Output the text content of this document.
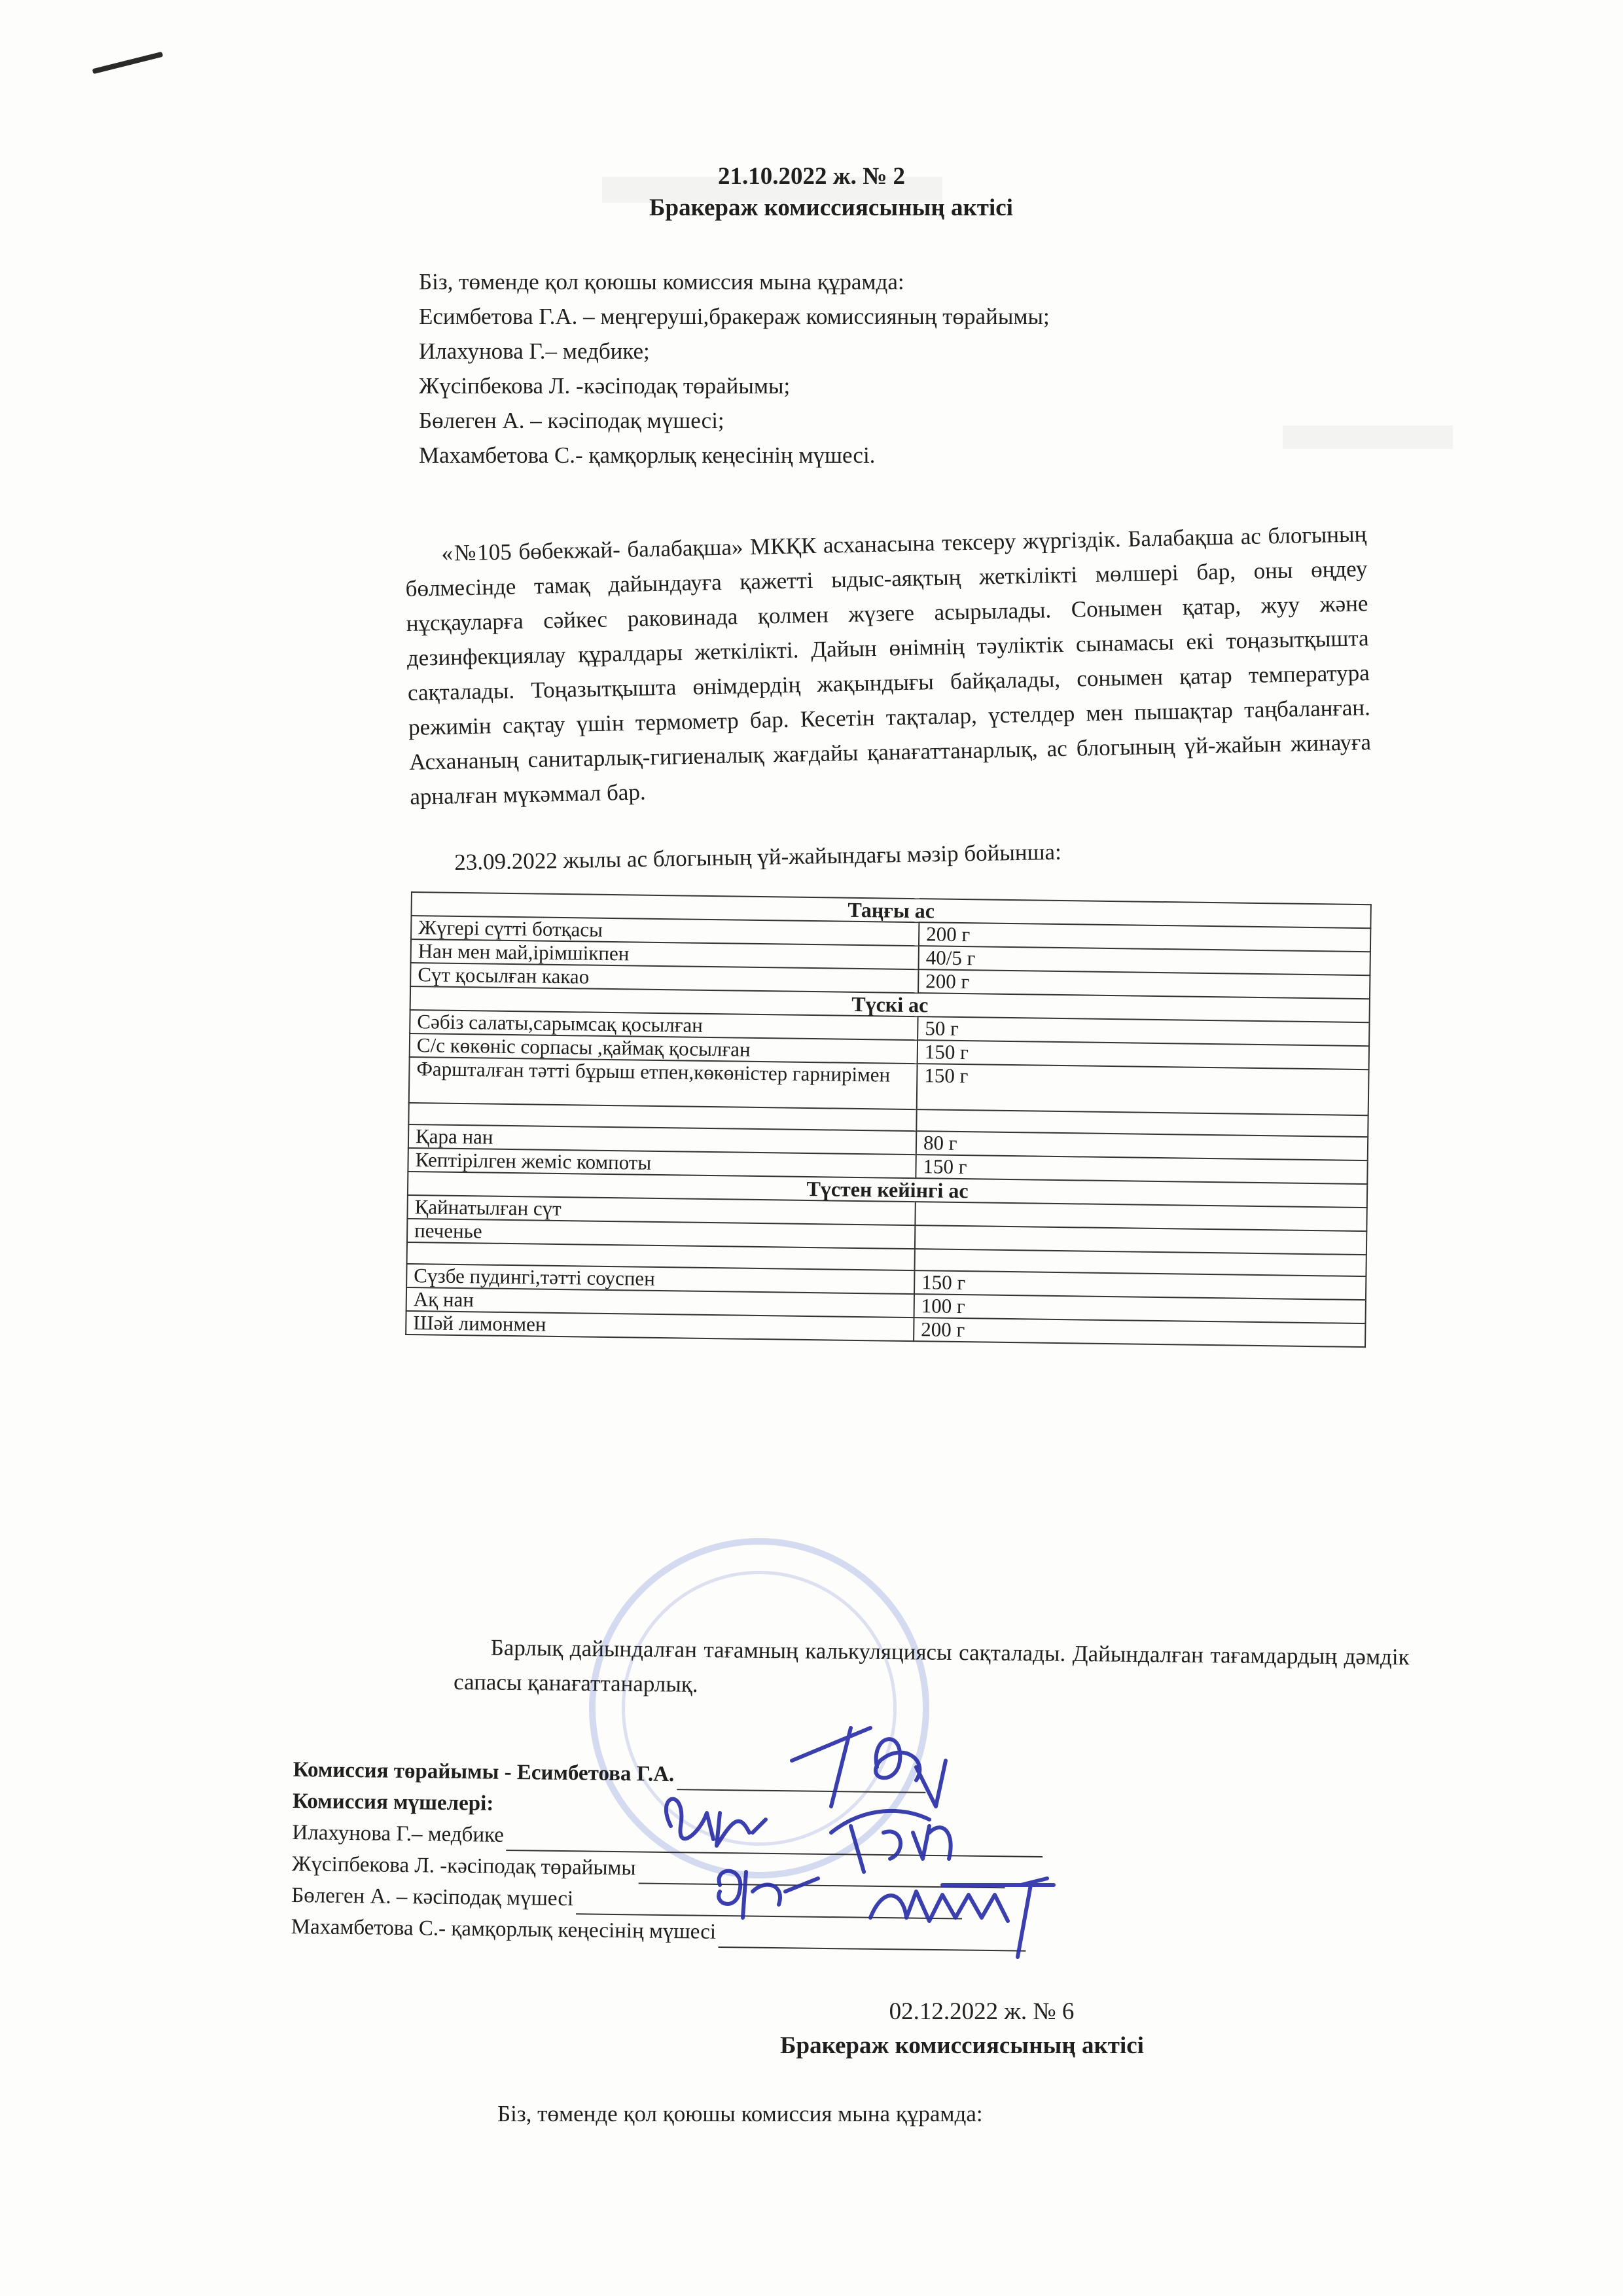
21.10.2022 ж. № 2
Бракераж комиссиясының актісі
Біз, төменде қол қоюшы комиссия мына құрамда:
Есимбетова Г.А. – меңгеруші,бракераж комиссияның төрайымы;
Илахунова Г.– медбике;
Жүсіпбекова Л. -кәсіподақ төрайымы;
Бөлеген А. – кәсіподақ мүшесі;
Махамбетова С.- қамқорлық кеңесінің мүшесі.

«№105 бөбекжай- балабақша» МКҚК асханасына тексеру жүргіздік. Балабақша ас блогының бөлмесінде тамақ дайындауға қажетті ыдыс-аяқтың жеткілікті мөлшері бар, оны өңдеу нұсқауларға сәйкес раковинада қолмен жүзеге асырылады. Сонымен қатар, жуу және дезинфекциялау құралдары жеткілікті. Дайын өнімнің тәуліктік сынамасы екі тоңазытқышта сақталады. Тоңазытқышта өнімдердің жақындығы байқалады, сонымен қатар температура режимін сақтау үшін термометр бар. Кесетін тақталар, үстелдер мен пышақтар таңбаланған. Асхананың санитарлық-гигиеналық жағдайы қанағаттанарлық, ас блогының үй-жайын жинауға арналған мүкәммал бар.

23.09.2022 жылы ас блогының үй-жайындағы мәзір бойынша:
Таңғы ас	
Жүгері сүтті ботқасы	200 г
Нан мен май,ірімшікпен	40/5 г
Сүт қосылған какао	200 г
Түскі ас	
Сәбіз салаты,сарымсақ қосылған	50 г
С/с көкөніс сорпасы ,қаймақ қосылған	150 г
Фаршталған тәтті бұрыш етпен,көкөністер гарнирімен	150 г

Қара нан	80 г
Кептірілген жеміс компоты	150 г
Түстен кейінгі ас	
Қайнатылған сүт	
печенье	

Сүзбе пудингі,тәтті соуспен	150 г
Ақ нан	100 г
Шәй лимонмен	200 г

Барлық дайындалған тағамның калькуляциясы сақталады. Дайындалған тағамдардың дәмдік сапасы қанағаттанарлық.

Комиссия төрайымы - Есимбетова Г.А.
Комиссия мүшелері:
Илахунова Г.– медбике
Жүсіпбекова Л. -кәсіподақ төрайымы
Бөлеген А. – кәсіподақ мүшесі
Махамбетова С.- қамқорлық кеңесінің мүшесі
02.12.2022 ж. № 6
Бракераж комиссиясының актісі
Біз, төменде қол қоюшы комиссия мына құрамда:
